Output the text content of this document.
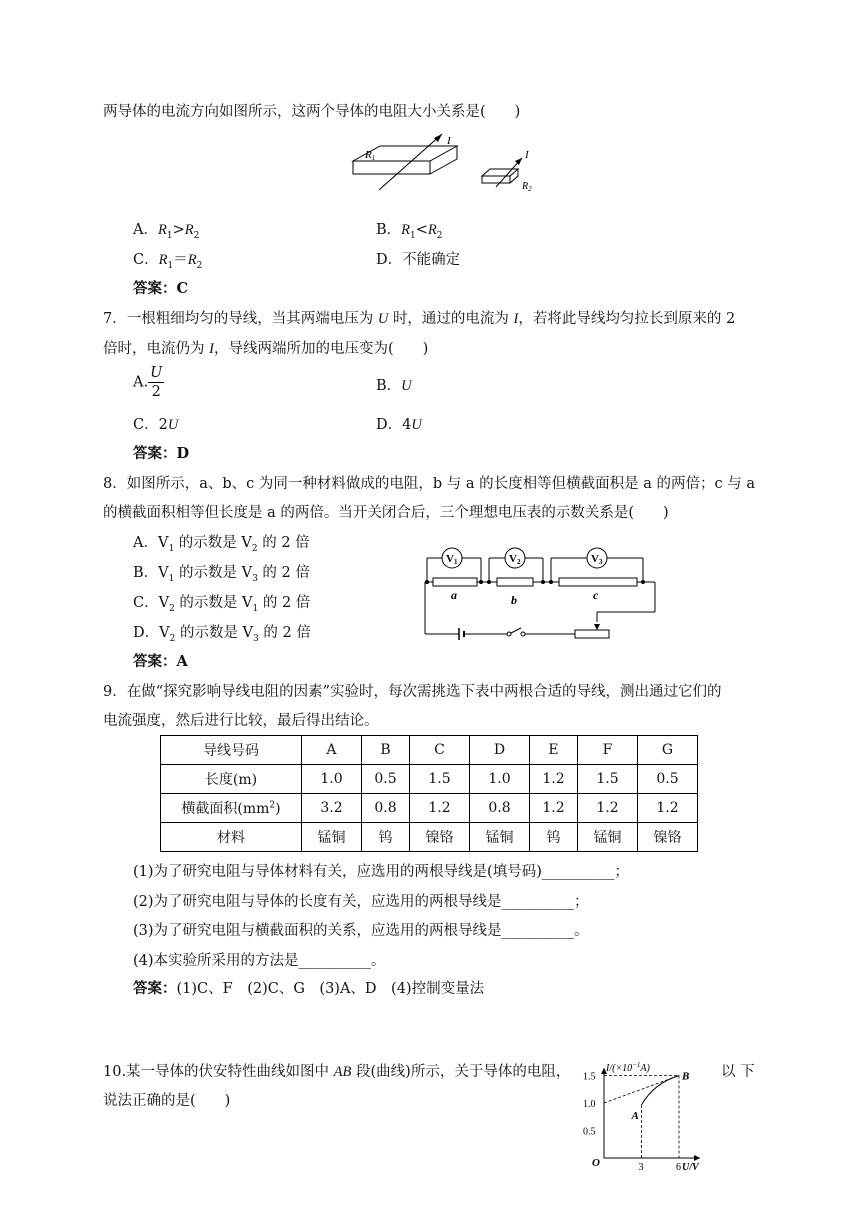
两导体的电流方向如图所示，这两个导体的电阻大小关系是(　　)
R1
I
I
$R_2$
A．$R_1>R_2$	B．$R_1<R_2$
C．$R_1=R_2$	D．不能确定
答案：C
7．一根粗细均匀的导线，当其两端电压为 U 时，通过的电流为 I，若将此导线均匀拉长到原来的 2
倍时，电流仍为 I，导线两端所加的电压变为(　　)
A. $\frac{U}{2}$	B．U
C．2U	D．4U
答案：D
8．如图所示，a、b、c 为同一种材料做成的电阻，b 与 a 的长度相等但横截面积是 a 的两倍；c 与 a
的横截面积相等但长度是 a 的两倍。当开关闭合后，三个理想电压表的示数关系是(　　)
A．$V_1$ 的示数是 $V_2$ 的 2 倍
B．$V_1$ 的示数是 $V_3$ 的 2 倍
C．$V_2$ 的示数是 $V_1$ 的 2 倍
D．$V_2$ 的示数是 $V_3$ 的 2 倍
答案：A
V1	V2	V3
a	b	c
9．在做“探究影响导线电阻的因素”实验时，每次需挑选下表中两根合适的导线，测出通过它们的
电流强度，然后进行比较，最后得出结论。
导线号码	A	B	C	D	E	F	G
长度(m)	1.0	0.5	1.5	1.0	1.2	1.5	0.5
横截面积$(mm^2)$	3.2	0.8	1.2	0.8	1.2	1.2	1.2
材料	锰铜	钨	镍铬	锰铜	钨	锰铜	镍铬
(1)为了研究电阻与导体材料有关，应选用的两根导线是(填号码)__________；
(2)为了研究电阻与导体的长度有关，应选用的两根导线是__________；
(3)为了研究电阻与横截面积的关系，应选用的两根导线是__________。
(4)本实验所采用的方法是__________。
答案：(1)C、F　(2)C、G　(3)A、D　(4)控制变量法
10.某一导体的伏安特性曲线如图中 AB 段(曲线)所示，关于导体的电阻，	以 下
说法正确的是(　　)
1.5
1.0
0.5
3	6
A
B
$I/(\times 10^{-1}A)$
U/V
O
